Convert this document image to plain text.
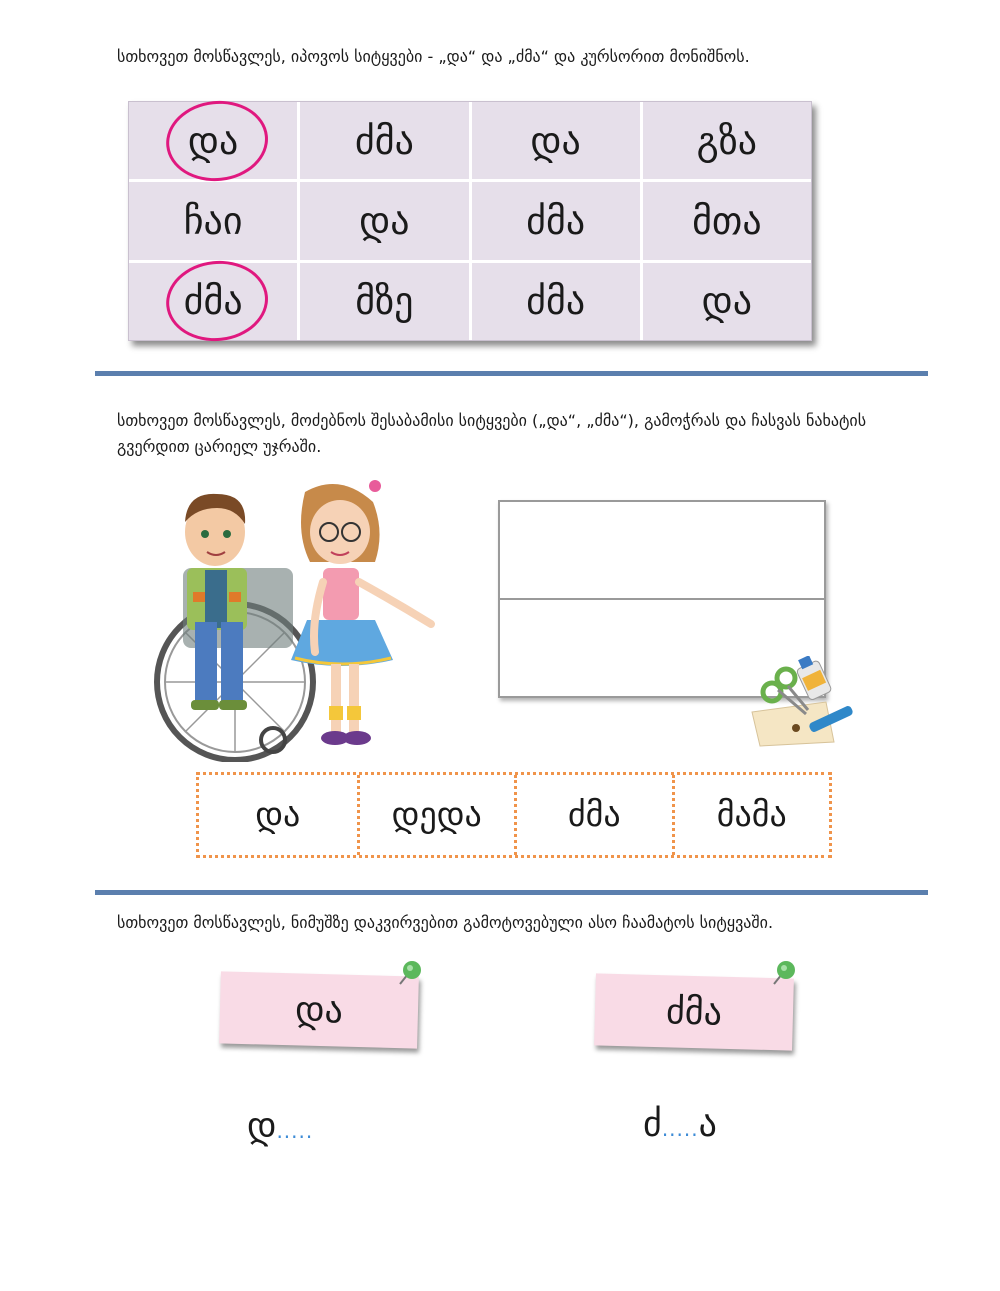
სთხოვეთ მოსწავლეს, იპოვოს სიტყვები - „და“ და „ძმა“ და კურსორით მონიშნოს.
და	ძმა	და	გზა
ჩაი	და	ძმა	მთა
ძმა	მზე	ძმა	და
სთხოვეთ მოსწავლეს, მოძებნოს შესაბამისი სიტყვები („და“, „ძმა“), გამოჭრას და ჩასვას ნახატის გვერდით ცარიელ უჯრაში.
და	დედა	ძმა	მამა
სთხოვეთ მოსწავლეს, ნიმუშზე დაკვირვებით გამოტოვებული ასო ჩაამატოს სიტყვაში.
და	ძმა
დ.....	ძ.....ა
